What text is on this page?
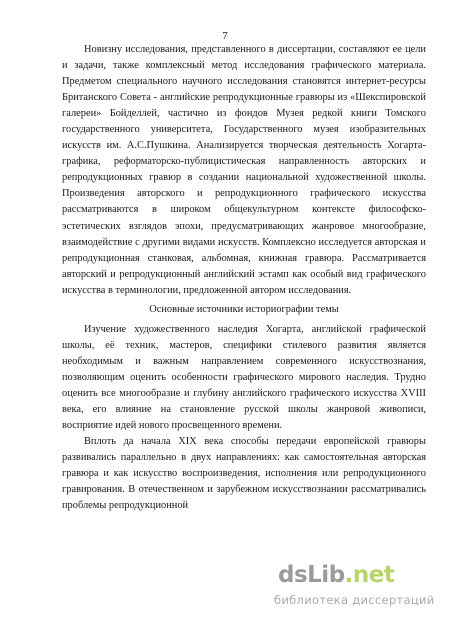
7

Новизну исследования, представленного в диссертации, составляют ее цели и задачи, также комплексный метод исследования графического материала. Предметом специального научного исследования становятся интернет-ресурсы Британского Совета - английские репродукционные гравюры из «Шекспировской галереи» Бойделлей, частично из фондов Музея редкой книги Томского государственного университета, Государственного музея изобразительных искусств им. А.С.Пушкина. Анализируется творческая деятельность Хогарта-графика, реформаторско-публицистическая направленность авторских и репродукционных гравюр в создании национальной художественной школы. Произведения авторского и репродукционного графического искусства рассматриваются в широком общекультурном контексте философско-эстетических взглядов эпохи, предусматривающих жанровое многообразие, взаимодействие с другими видами искусств. Комплексно исследуется авторская и репродукционная станковая, альбомная, книжная гравюра. Рассматривается авторский и репродукционный английский эстамп как особый вид графического искусства в терминологии, предложенной автором исследования.

Основные источники историографии темы

Изучение художественного наследия Хогарта, английской графической школы, её техник, мастеров, специфики стилевого развития является необходимым и важным направлением современного искусствознания, позволяющим оценить особенности графического мирового наследия. Трудно оценить все многообразие и глубину английского графического искусства XVIII века, его влияние на становление русской школы жанровой живописи, восприятие идей нового просвещенного времени.

Вплоть да начала XIX века способы передачи европейской гравюры развивались параллельно в двух направлениях: как самостоятельная авторская гравюра и как искусство воспроизведения, исполнения или репродукционного гравирования. В отечественном и зарубежном искусствознании рассматривались проблемы репродукционной

dsLib.net
библиотека диссертаций
